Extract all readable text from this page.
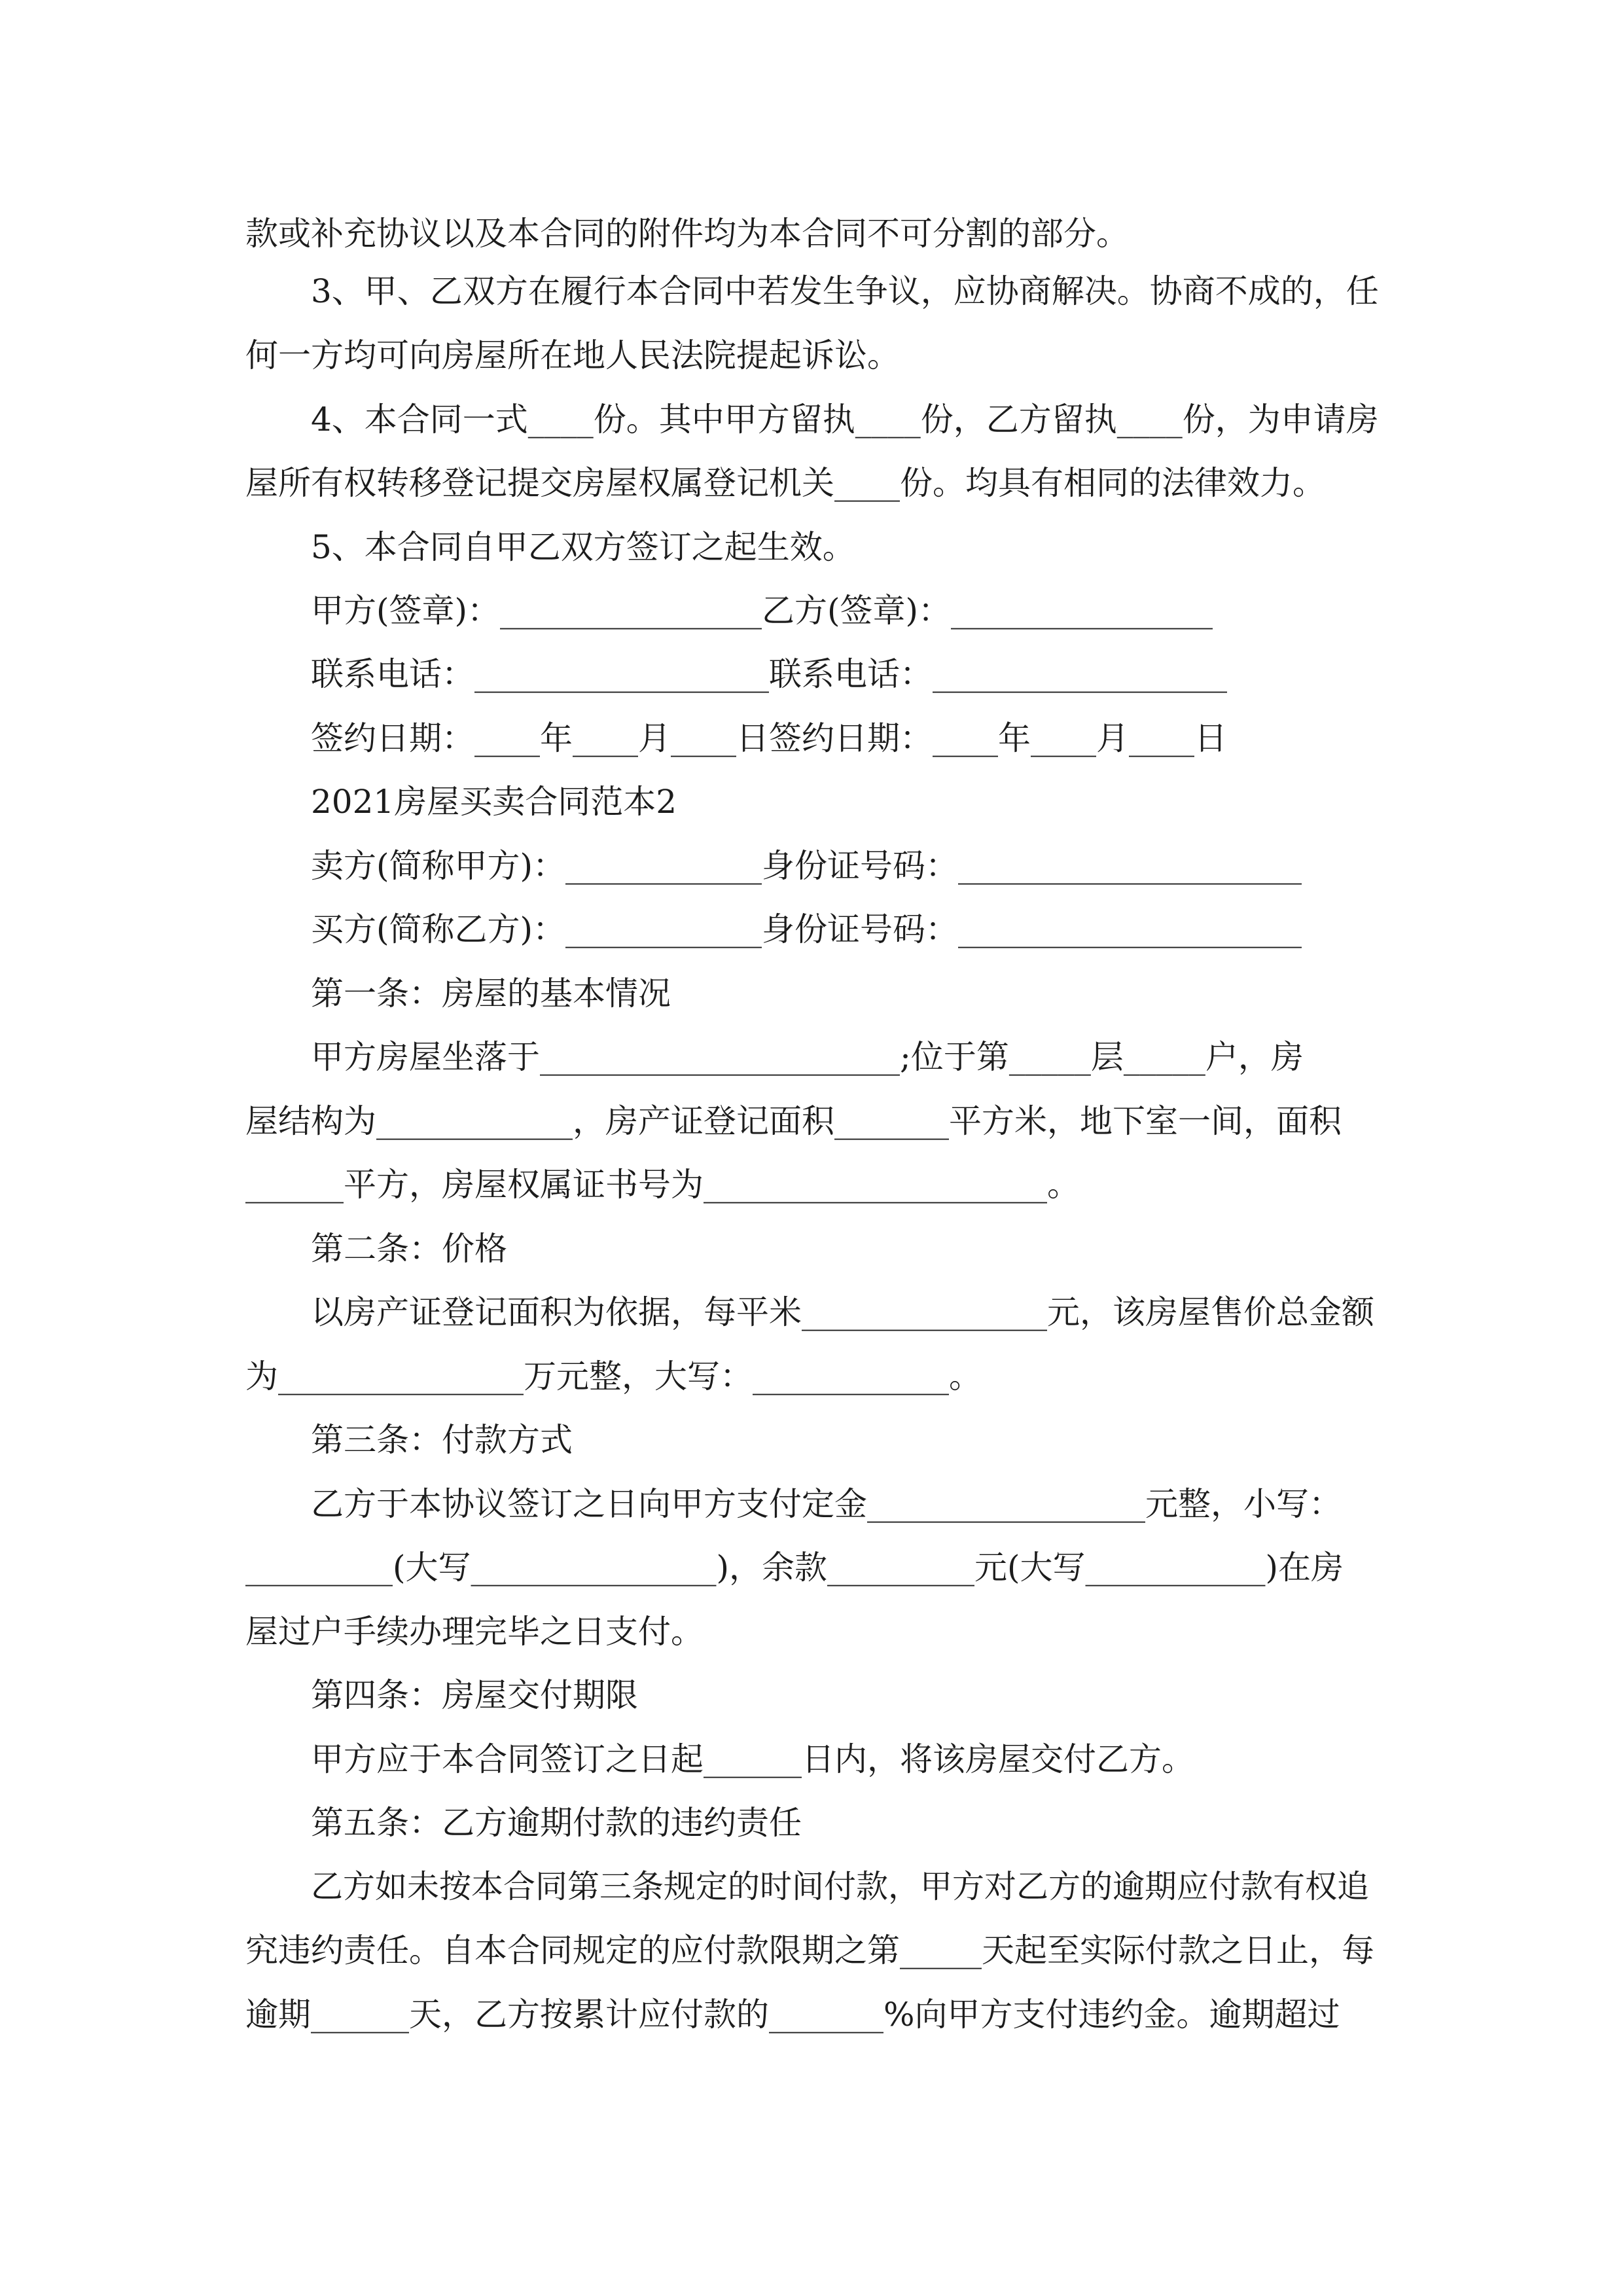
款或补充协议以及本合同的附件均为本合同不可分割的部分。

3、甲、乙双方在履行本合同中若发生争议，应协商解决。协商不成的，任

何一方均可向房屋所在地人民法院提起诉讼。

4、本合同一式____份。其中甲方留执____份，乙方留执____份，为申请房

屋所有权转移登记提交房屋权属登记机关____份。均具有相同的法律效力。

5、本合同自甲乙双方签订之起生效。

甲方(签章)：________________乙方(签章)：________________

联系电话：__________________联系电话：__________________

签约日期：____年____月____日签约日期：____年____月____日

2021房屋买卖合同范本2

卖方(简称甲方)：____________身份证号码：_____________________

买方(简称乙方)：____________身份证号码：_____________________

第一条：房屋的基本情况

甲方房屋坐落于______________________;位于第_____层_____户，房

屋结构为____________，房产证登记面积_______平方米，地下室一间，面积

______平方，房屋权属证书号为_____________________。

第二条：价格

以房产证登记面积为依据，每平米_______________元，该房屋售价总金额

为_______________万元整，大写：____________。

第三条：付款方式

乙方于本协议签订之日向甲方支付定金_________________元整，小写：

_________(大写_______________)，余款_________元(大写___________)在房

屋过户手续办理完毕之日支付。

第四条：房屋交付期限

甲方应于本合同签订之日起______日内，将该房屋交付乙方。

第五条：乙方逾期付款的违约责任

乙方如未按本合同第三条规定的时间付款，甲方对乙方的逾期应付款有权追

究违约责任。自本合同规定的应付款限期之第_____天起至实际付款之日止，每

逾期______天，乙方按累计应付款的_______%向甲方支付违约金。逾期超过
